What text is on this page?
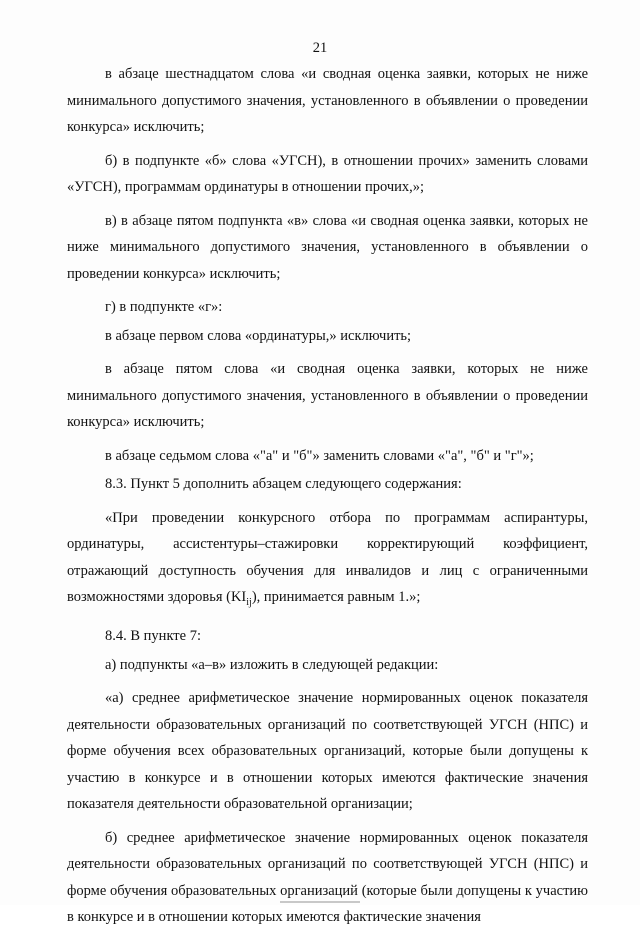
21

в абзаце шестнадцатом слова «и сводная оценка заявки, которых не ниже минимального допустимого значения, установленного в объявлении о проведении конкурса» исключить;

б) в подпункте «б» слова «УГСН), в отношении прочих» заменить словами «УГСН), программам ординатуры в отношении прочих,»;

в) в абзаце пятом подпункта «в» слова «и сводная оценка заявки, которых не ниже минимального допустимого значения, установленного в объявлении о проведении конкурса» исключить;

г) в подпункте «г»:

в абзаце первом слова «ординатуры,» исключить;

в абзаце пятом слова «и сводная оценка заявки, которых не ниже минимального допустимого значения, установленного в объявлении о проведении конкурса» исключить;

в абзаце седьмом слова «"а" и "б"» заменить словами «"а", "б" и "г"»;

8.3. Пункт 5 дополнить абзацем следующего содержания:

«При проведении конкурсного отбора по программам аспирантуры, ординатуры, ассистентуры–стажировки корректирующий коэффициент, отражающий доступность обучения для инвалидов и лиц с ограниченными возможностями здоровья $(KI_{ij})$, принимается равным 1.»;

8.4. В пункте 7:

а) подпункты «а–в» изложить в следующей редакции:

«а) среднее арифметическое значение нормированных оценок показателя деятельности образовательных организаций по соответствующей УГСН (НПС) и форме обучения всех образовательных организаций, которые были допущены к участию в конкурсе и в отношении которых имеются фактические значения показателя деятельности образовательной организации;

б) среднее арифметическое значение нормированных оценок показателя деятельности образовательных организаций по соответствующей УГСН (НПС) и форме обучения образовательных организаций (которые были допущены к участию в конкурсе и в отношении которых имеются фактические значения
